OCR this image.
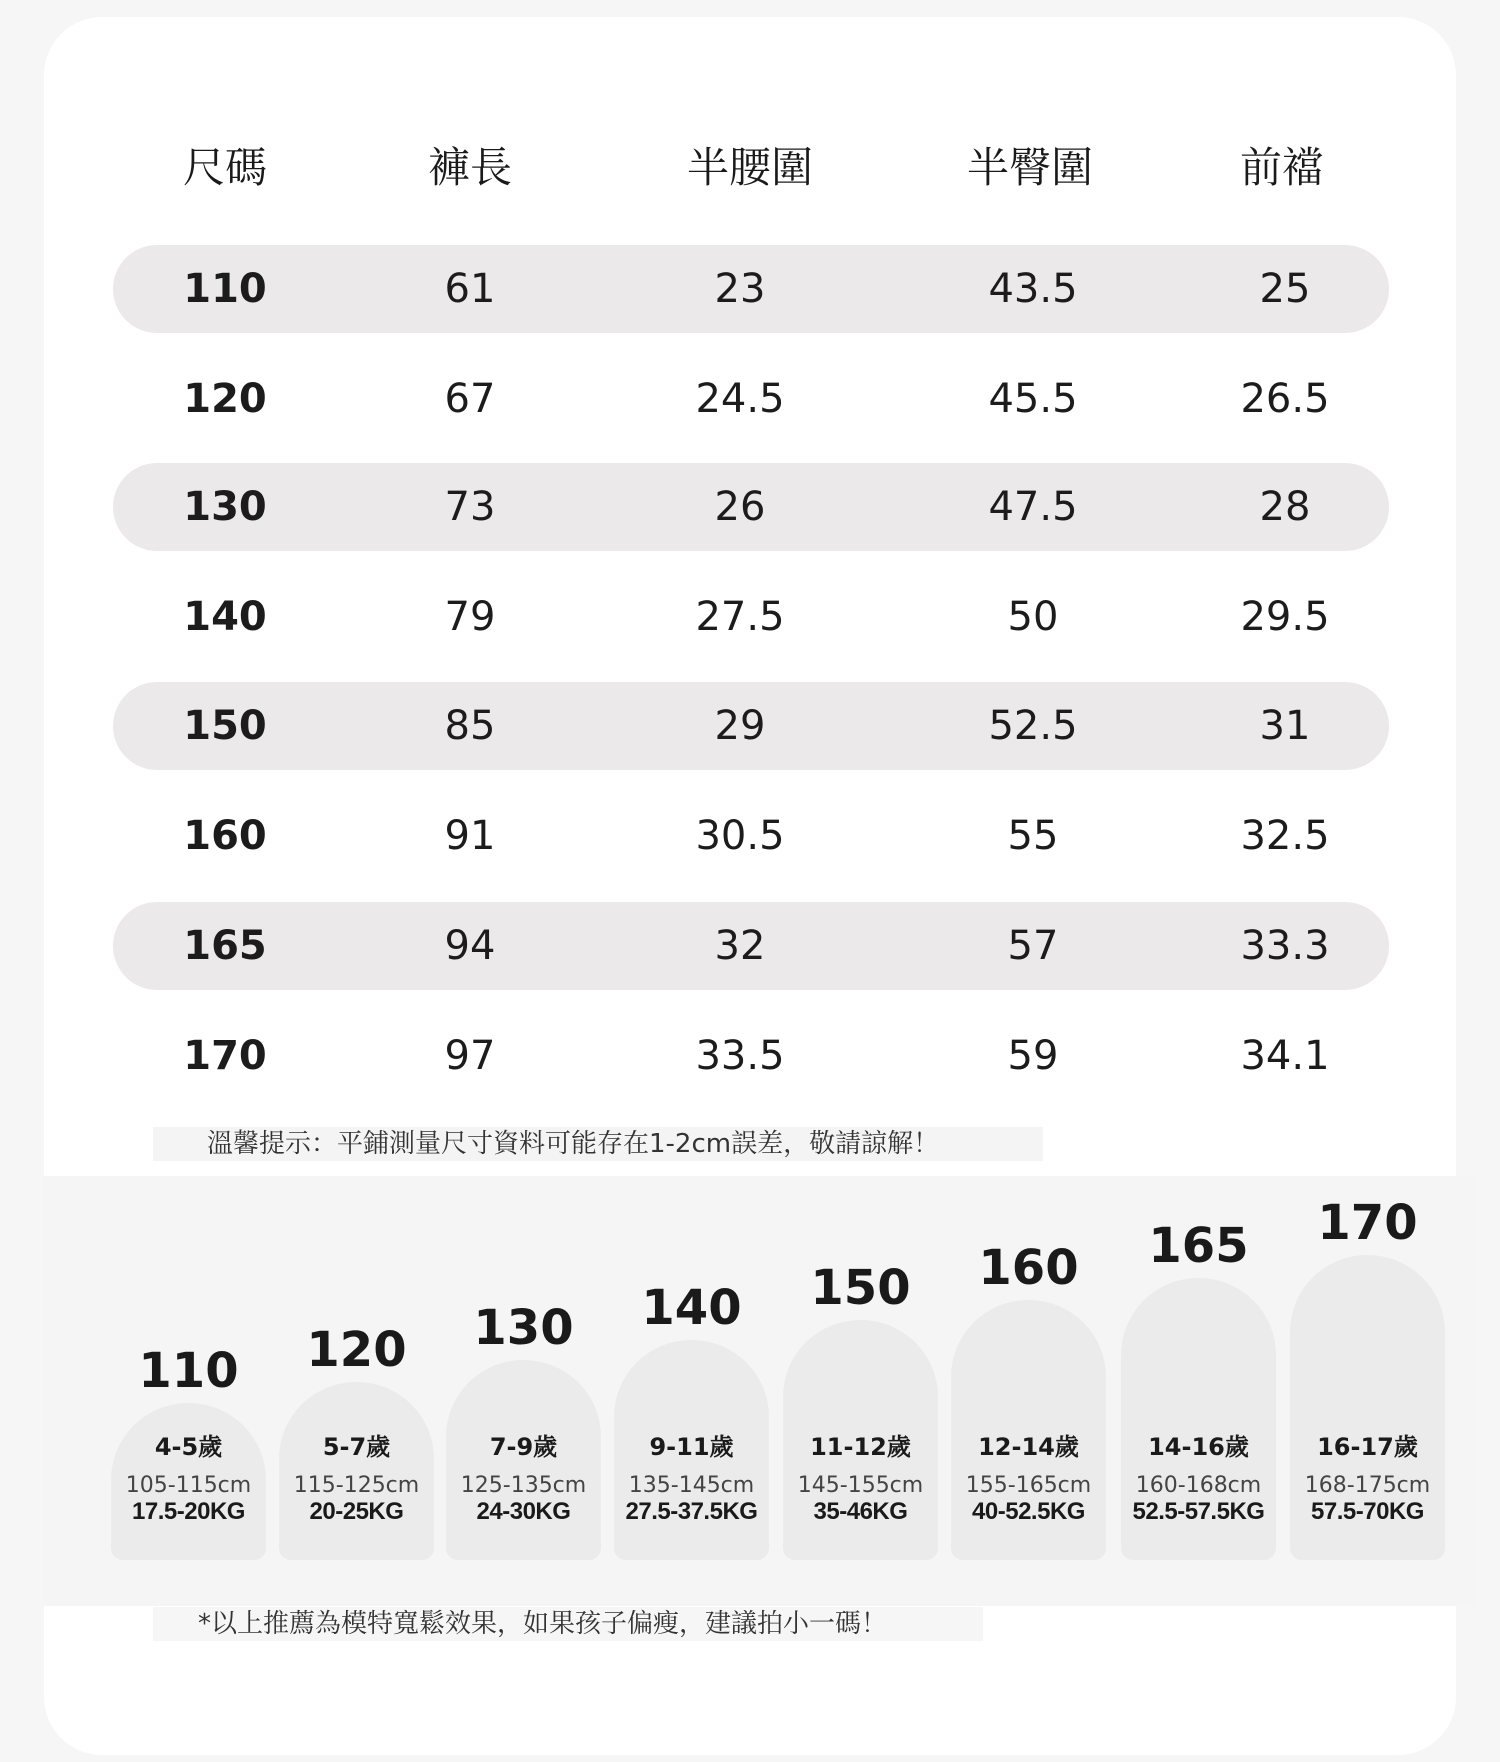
尺碼	褲長	半腰圍	半臀圍	前襠
110	61	23	43.5	25
120	67	24.5	45.5	26.5
130	73	26	47.5	28
140	79	27.5	50	29.5
150	85	29	52.5	31
160	91	30.5	55	32.5
165	94	32	57	33.3
170	97	33.5	59	34.1
溫馨提示：平鋪測量尺寸資料可能存在1-2cm誤差，敬請諒解！
110
4-5歲
105-115cm
17.5-20KG
120
5-7歲
115-125cm
20-25KG
130
7-9歲
125-135cm
24-30KG
140
9-11歲
135-145cm
27.5-37.5KG
150
11-12歲
145-155cm
35-46KG
160
12-14歲
155-165cm
40-52.5KG
165
14-16歲
160-168cm
52.5-57.5KG
170
16-17歲
168-175cm
57.5-70KG
*以上推薦為模特寬鬆效果，如果孩子偏瘦，建議拍小一碼！
